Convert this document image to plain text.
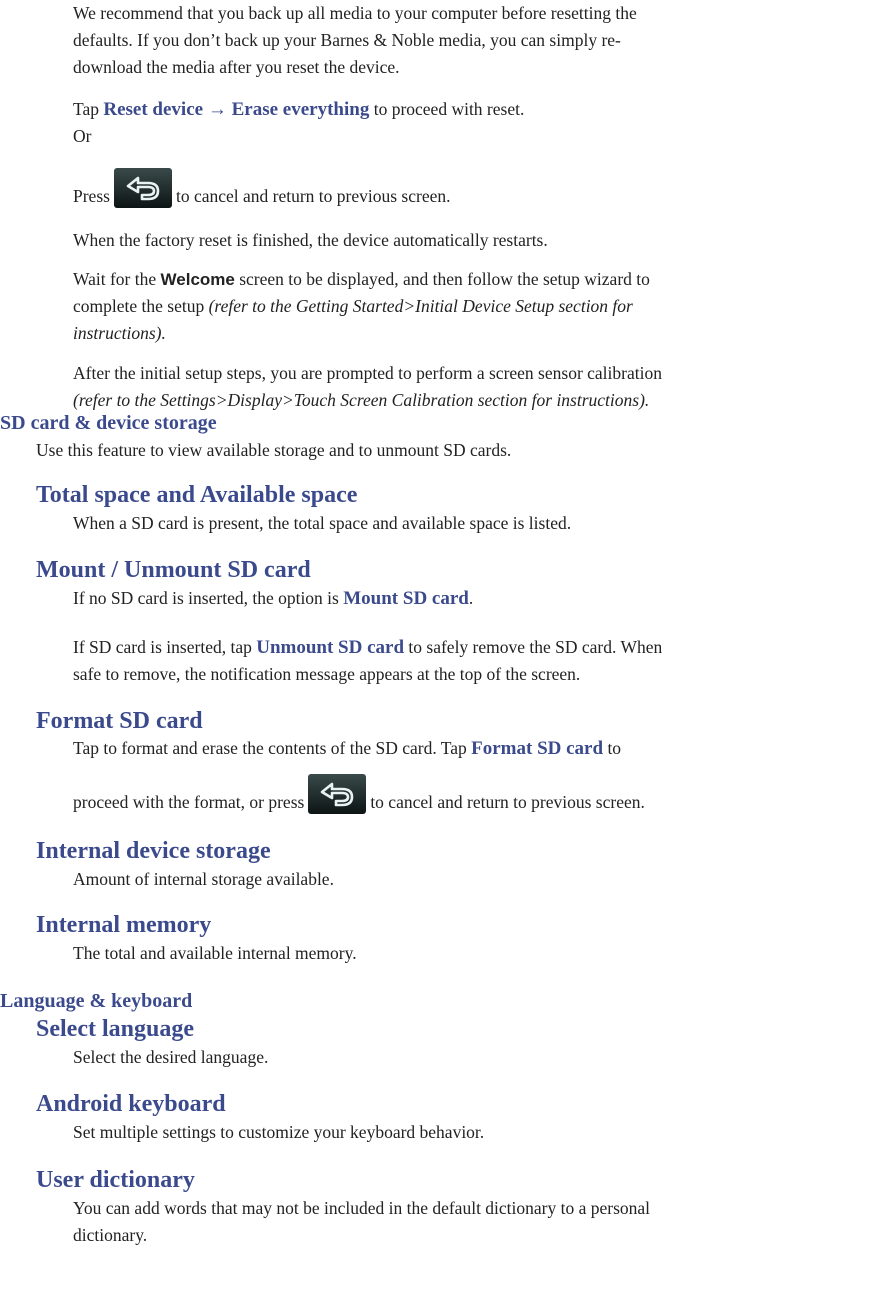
We recommend that you back up all media to your computer before resetting the

defaults. If you don’t back up your Barnes & Noble media, you can simply re-

download the media after you reset the device.

Tap Reset device → Erase everything to proceed with reset.

Or

Press	to cancel and return to previous screen.

When the factory reset is finished, the device automatically restarts.

Wait for the Welcome screen to be displayed, and then follow the setup wizard to

complete the setup (refer to the Getting Started>Initial Device Setup section for

instructions).

After the initial setup steps, you are prompted to perform a screen sensor calibration

(refer to the Settings>Display>Touch Screen Calibration section for instructions).

SD card & device storage

Use this feature to view available storage and to unmount SD cards.

Total space and Available space

When a SD card is present, the total space and available space is listed.

Mount / Unmount SD card

If no SD card is inserted, the option is Mount SD card.

If SD card is inserted, tap Unmount SD card to safely remove the SD card. When

safe to remove, the notification message appears at the top of the screen.

Format SD card

Tap to format and erase the contents of the SD card. Tap Format SD card to

proceed with the format, or press	to cancel and return to previous screen.

Internal device storage

Amount of internal storage available.

Internal memory

The total and available internal memory.

Language & keyboard
Select language

Select the desired language.

Android keyboard

Set multiple settings to customize your keyboard behavior.

User dictionary

You can add words that may not be included in the default dictionary to a personal

dictionary.
